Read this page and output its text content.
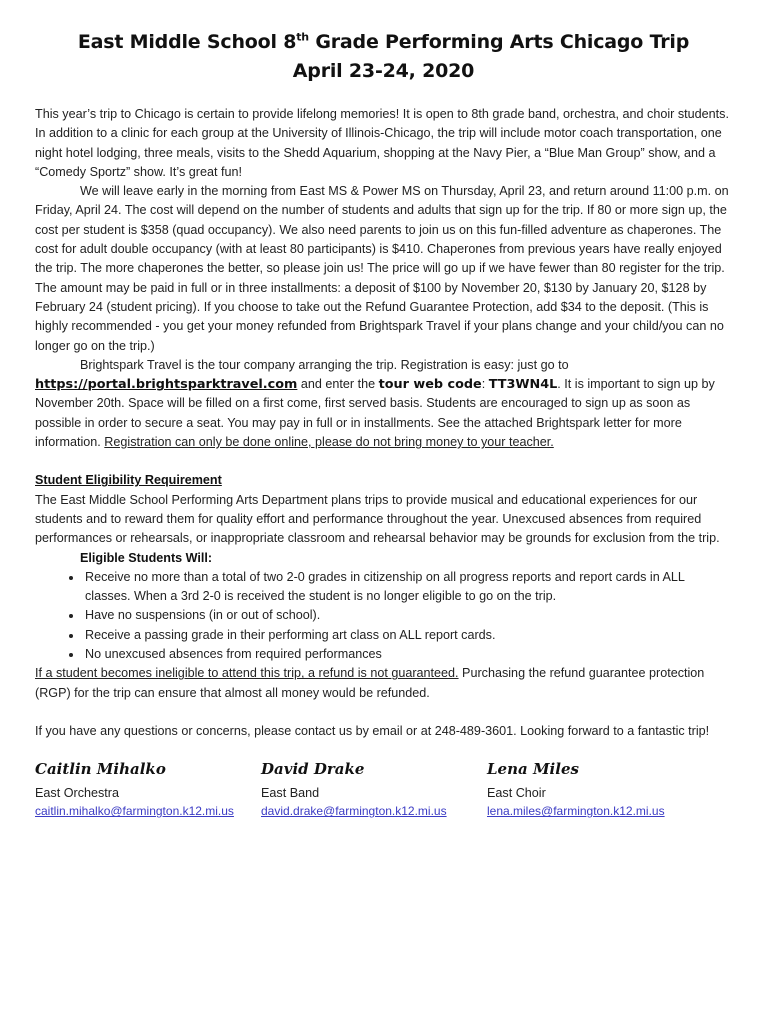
East Middle School 8th Grade Performing Arts Chicago Trip
April 23-24, 2020

This year’s trip to Chicago is certain to provide lifelong memories! It is open to 8th grade band, orchestra, and choir students. In addition to a clinic for each group at the University of Illinois-Chicago, the trip will include motor coach transportation, one night hotel lodging, three meals, visits to the Shedd Aquarium, shopping at the Navy Pier, a “Blue Man Group” show, and a “Comedy Sportz” show. It’s great fun!

We will leave early in the morning from East MS & Power MS on Thursday, April 23, and return around 11:00 p.m. on Friday, April 24. The cost will depend on the number of students and adults that sign up for the trip. If 80 or more sign up, the cost per student is $358 (quad occupancy). We also need parents to join us on this fun-filled adventure as chaperones. The cost for adult double occupancy (with at least 80 participants) is $410. Chaperones from previous years have really enjoyed the trip. The more chaperones the better, so please join us! The price will go up if we have fewer than 80 register for the trip. The amount may be paid in full or in three installments: a deposit of $100 by November 20, $130 by January 20, $128 by February 24 (student pricing). If you choose to take out the Refund Guarantee Protection, add $34 to the deposit. (This is highly recommended - you get your money refunded from Brightspark Travel if your plans change and your child/you can no longer go on the trip.)

Brightspark Travel is the tour company arranging the trip. Registration is easy: just go to https://portal.brightsparktravel.com and enter the tour web code: TT3WN4L. It is important to sign up by November 20th. Space will be filled on a first come, first served basis. Students are encouraged to sign up as soon as possible in order to secure a seat. You may pay in full or in installments. See the attached Brightspark letter for more information. Registration can only be done online, please do not bring money to your teacher.

Student Eligibility Requirement

The East Middle School Performing Arts Department plans trips to provide musical and educational experiences for our students and to reward them for quality effort and performance throughout the year. Unexcused absences from required performances or rehearsals, or inappropriate classroom and rehearsal behavior may be grounds for exclusion from the trip.

Eligible Students Will:

• Receive no more than a total of two 2-0 grades in citizenship on all progress reports and report cards in ALL classes. When a 3rd 2-0 is received the student is no longer eligible to go on the trip.
• Have no suspensions (in or out of school).
• Receive a passing grade in their performing art class on ALL report cards.
• No unexcused absences from required performances

If a student becomes ineligible to attend this trip, a refund is not guaranteed. Purchasing the refund guarantee protection (RGP) for the trip can ensure that almost all money would be refunded.

If you have any questions or concerns, please contact us by email or at 248-489-3601. Looking forward to a fantastic trip!

Caitlin Mihalko
East Orchestra
caitlin.mihalko@farmington.k12.mi.us
David Drake
East Band
david.drake@farmington.k12.mi.us
Lena Miles
East Choir
lena.miles@farmington.k12.mi.us
